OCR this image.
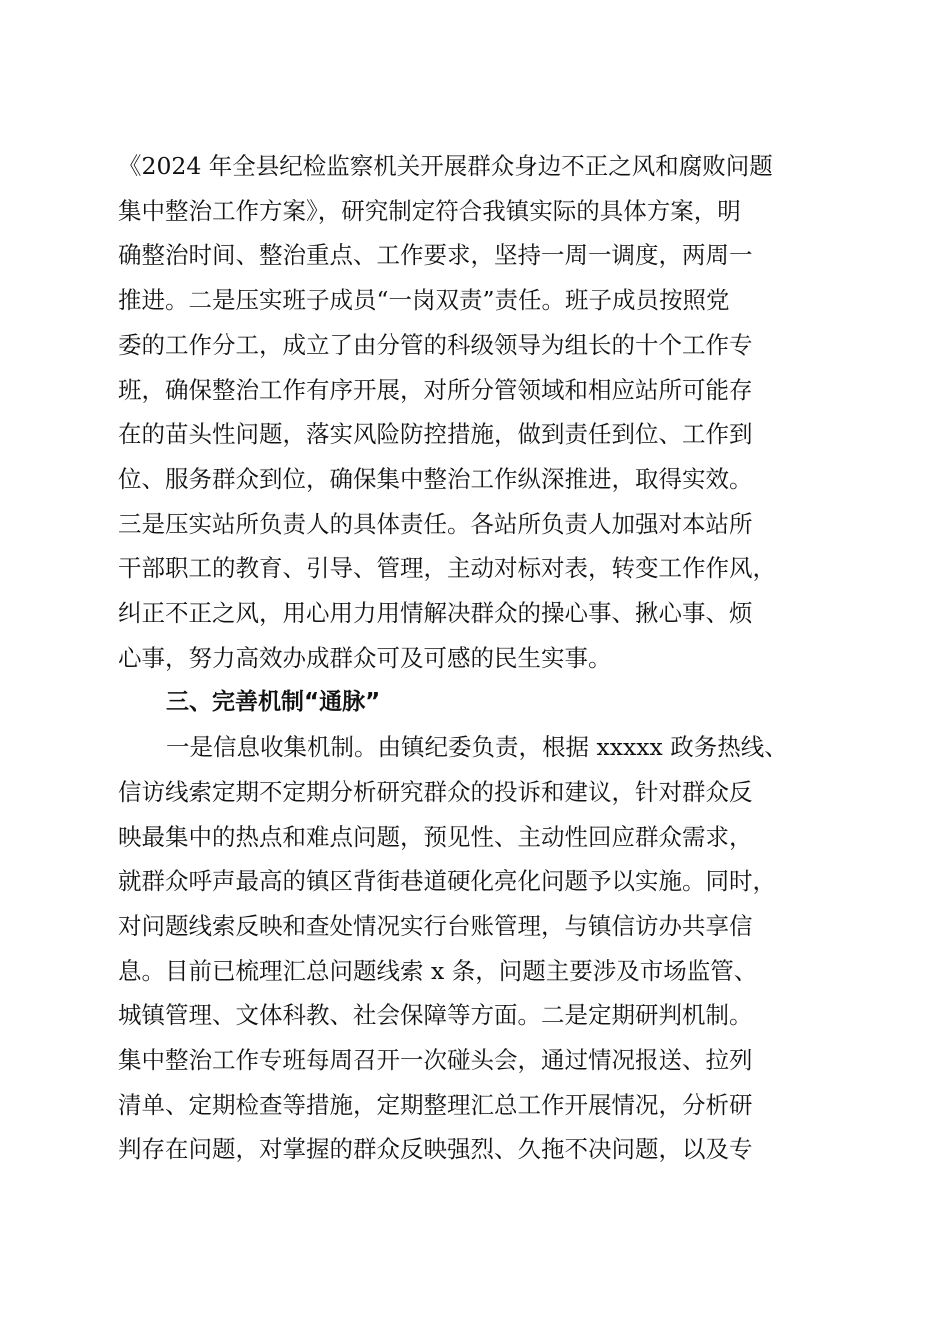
《2024 年全县纪检监察机关开展群众身边不正之风和腐败问题
集中整治工作方案》，研究制定符合我镇实际的具体方案，明
确整治时间、整治重点、工作要求，坚持一周一调度，两周一
推进。二是压实班子成员“一岗双责”责任。班子成员按照党
委的工作分工，成立了由分管的科级领导为组长的十个工作专
班，确保整治工作有序开展，对所分管领域和相应站所可能存
在的苗头性问题，落实风险防控措施，做到责任到位、工作到
位、服务群众到位，确保集中整治工作纵深推进，取得实效。
三是压实站所负责人的具体责任。各站所负责人加强对本站所
干部职工的教育、引导、管理，主动对标对表，转变工作作风，
纠正不正之风，用心用力用情解决群众的操心事、揪心事、烦
心事，努力高效办成群众可及可感的民生实事。
三、完善机制“通脉”
一是信息收集机制。由镇纪委负责，根据 xxxxx 政务热线、
信访线索定期不定期分析研究群众的投诉和建议，针对群众反
映最集中的热点和难点问题，预见性、主动性回应群众需求，
就群众呼声最高的镇区背街巷道硬化亮化问题予以实施。同时，
对问题线索反映和查处情况实行台账管理，与镇信访办共享信
息。目前已梳理汇总问题线索 x 条，问题主要涉及市场监管、
城镇管理、文体科教、社会保障等方面。二是定期研判机制。
集中整治工作专班每周召开一次碰头会，通过情况报送、拉列
清单、定期检查等措施，定期整理汇总工作开展情况，分析研
判存在问题，对掌握的群众反映强烈、久拖不决问题，以及专
